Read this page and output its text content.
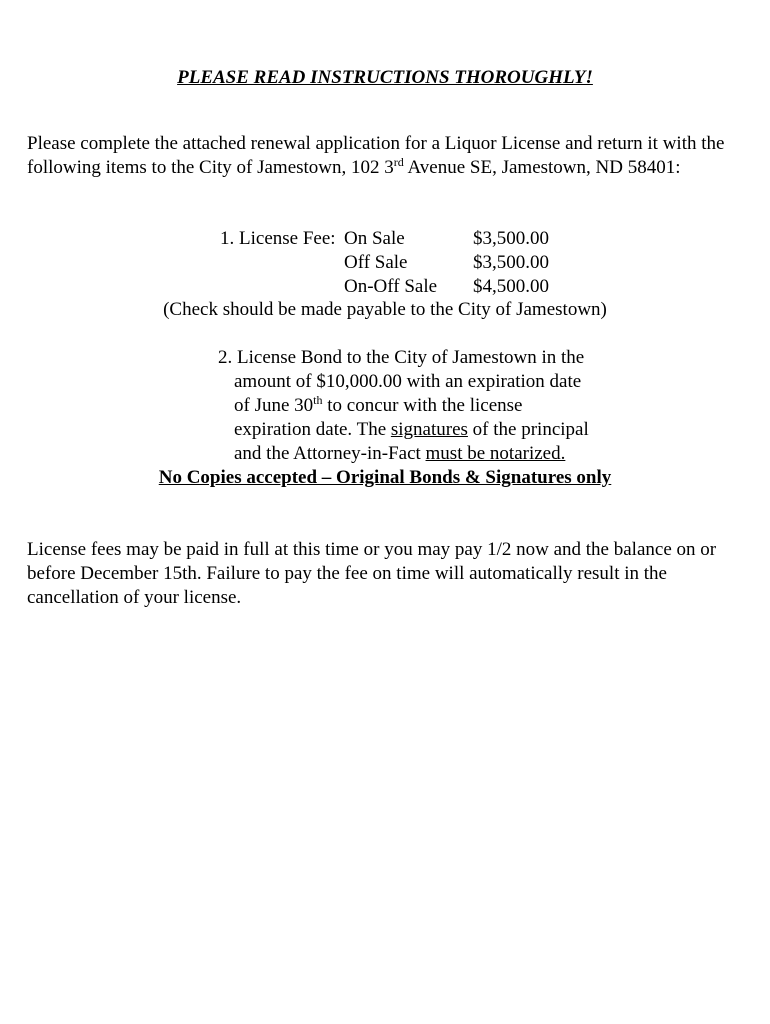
PLEASE READ INSTRUCTIONS THOROUGHLY!
Please complete the attached renewal application for a Liquor License and return it with the following items to the City of Jamestown, 102 3rd Avenue SE, Jamestown, ND 58401:
1. License Fee: On Sale	$3,500.00
Off Sale	$3,500.00
On-Off Sale $4,500.00
(Check should be made payable to the City of Jamestown)
2. License Bond to the City of Jamestown in the
amount of $10,000.00 with an expiration date
of June 30th to concur with the license
expiration date. The signatures of the principal
and the Attorney-in-Fact must be notarized.
No Copies accepted – Original Bonds & Signatures only
License fees may be paid in full at this time or you may pay 1/2 now and the balance on or before December 15th. Failure to pay the fee on time will automatically result in the cancellation of your license.
